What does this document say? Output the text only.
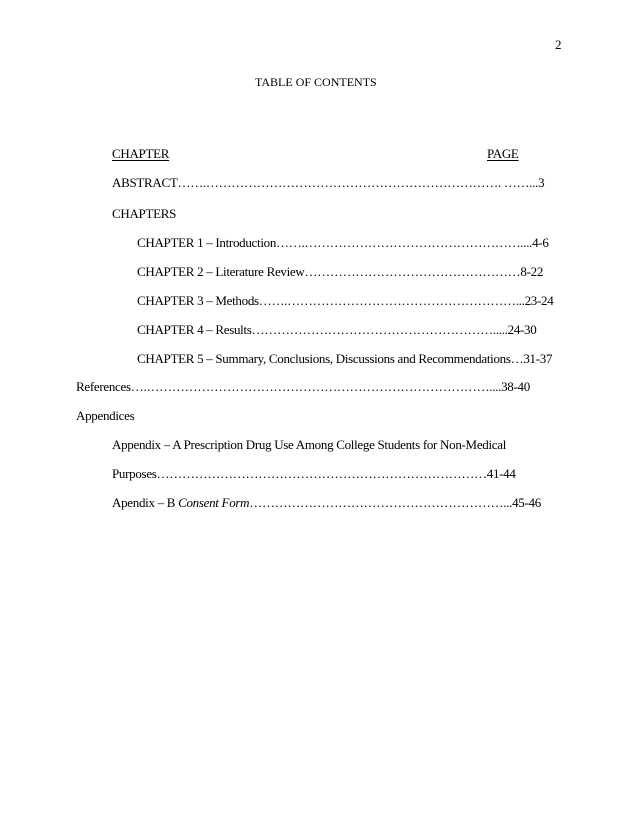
2
TABLE OF CONTENTS
CHAPTER	PAGE
ABSTRACT…….……………………………………………………………. ……...3
CHAPTERS
CHAPTER 1 – Introduction…….……………………………………………....4-6
CHAPTER 2 – Literature Review……………………………………………8-22
CHAPTER 3 – Methods…….………………………………………………...23-24
CHAPTER 4 – Results………………………………………………….....24-30
CHAPTER 5 – Summary, Conclusions, Discussions and Recommendations…31-37
References….………………………………………………………………………....38-40
Appendices
Appendix – A Prescription Drug Use Among College Students for Non-Medical
Purposes……………………………………………………………………41-44
Apendix – B Consent Form……………………………………………………...45-46
